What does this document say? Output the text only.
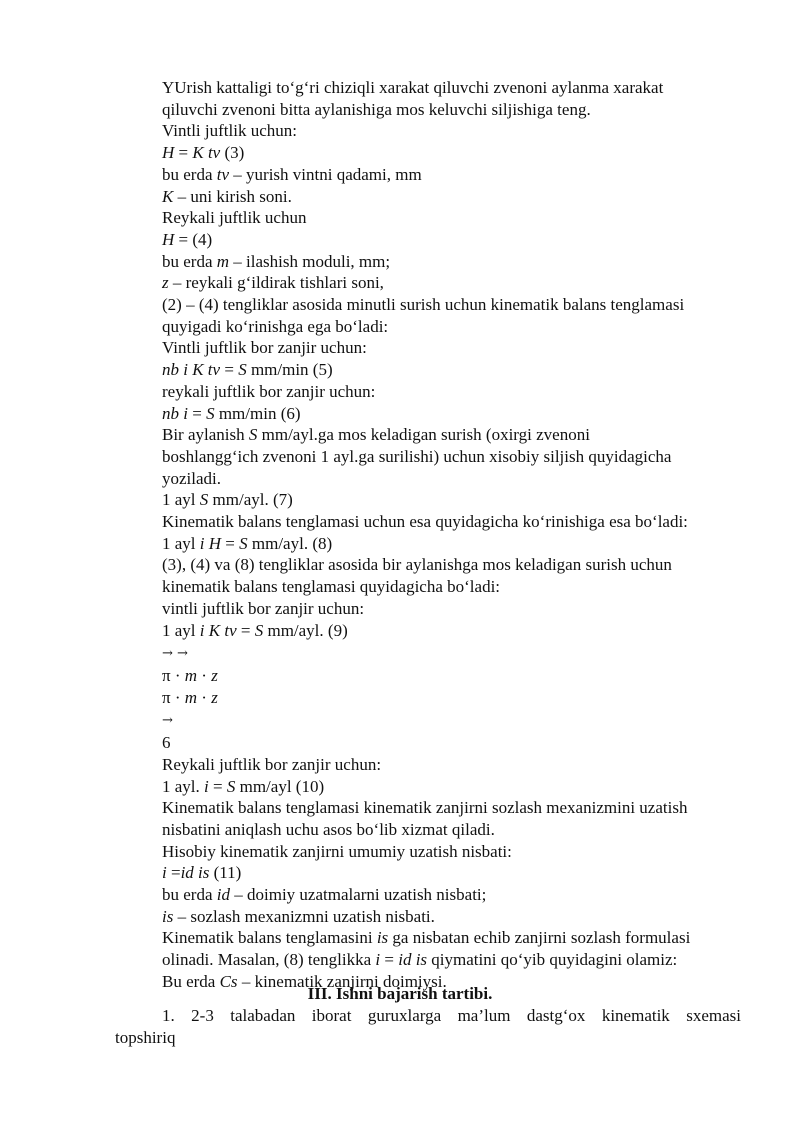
YUrish kattaligi to‘g‘ri chiziqli xarakat qiluvchi zvenoni aylanma xarakat
qiluvchi zvenoni bitta aylanishiga mos keluvchi siljishiga teng.
Vintli juftlik uchun:
H = K tv (3)
bu erda tv – yurish vintni qadami, mm
K – uni kirish soni.
Reykali juftlik uchun
H = (4)
bu erda m – ilashish moduli, mm;
z – reykali g‘ildirak tishlari soni,
(2) – (4) tengliklar asosida minutli surish uchun kinematik balans tenglamasi
quyigadi ko‘rinishga ega bo‘ladi:
Vintli juftlik bor zanjir uchun:
nb i K tv = S mm/min (5)
reykali juftlik bor zanjir uchun:
nb i = S mm/min (6)
Bir aylanish S mm/ayl.ga mos keladigan surish (oxirgi zvenoni
boshlangg‘ich zvenoni 1 ayl.ga surilishi) uchun xisobiy siljish quyidagicha
yoziladi.
1 ayl S mm/ayl. (7)
Kinematik balans tenglamasi uchun esa quyidagicha ko‘rinishiga esa bo‘ladi:
1 ayl i H = S mm/ayl. (8)
(3), (4) va (8) tengliklar asosida bir aylanishga mos keladigan surish uchun
kinematik balans tenglamasi quyidagicha bo‘ladi:
vintli juftlik bor zanjir uchun:
1 ayl i K tv = S mm/ayl. (9)
→ →
π · m · z
π · m · z
→
6
Reykali juftlik bor zanjir uchun:
1 ayl. i = S mm/ayl (10)
Kinematik balans tenglamasi kinematik zanjirni sozlash mexanizmini uzatish
nisbatini aniqlash uchu asos bo‘lib xizmat qiladi.
Hisobiy kinematik zanjirni umumiy uzatish nisbati:
i =id is (11)
bu erda id – doimiy uzatmalarni uzatish nisbati;
is – sozlash mexanizmni uzatish nisbati.
Kinematik balans tenglamasini is ga nisbatan echib zanjirni sozlash formulasi
olinadi. Masalan, (8) tenglikka i = id is qiymatini qo‘yib quyidagini olamiz:
Bu erda Cs – kinematik zanjirni doimiysi.
III. Ishni bajarish tartibi.
1. 2-3 talabadan iborat guruxlarga ma’lum dastg‘ox kinematik sxemasi
topshiriq
